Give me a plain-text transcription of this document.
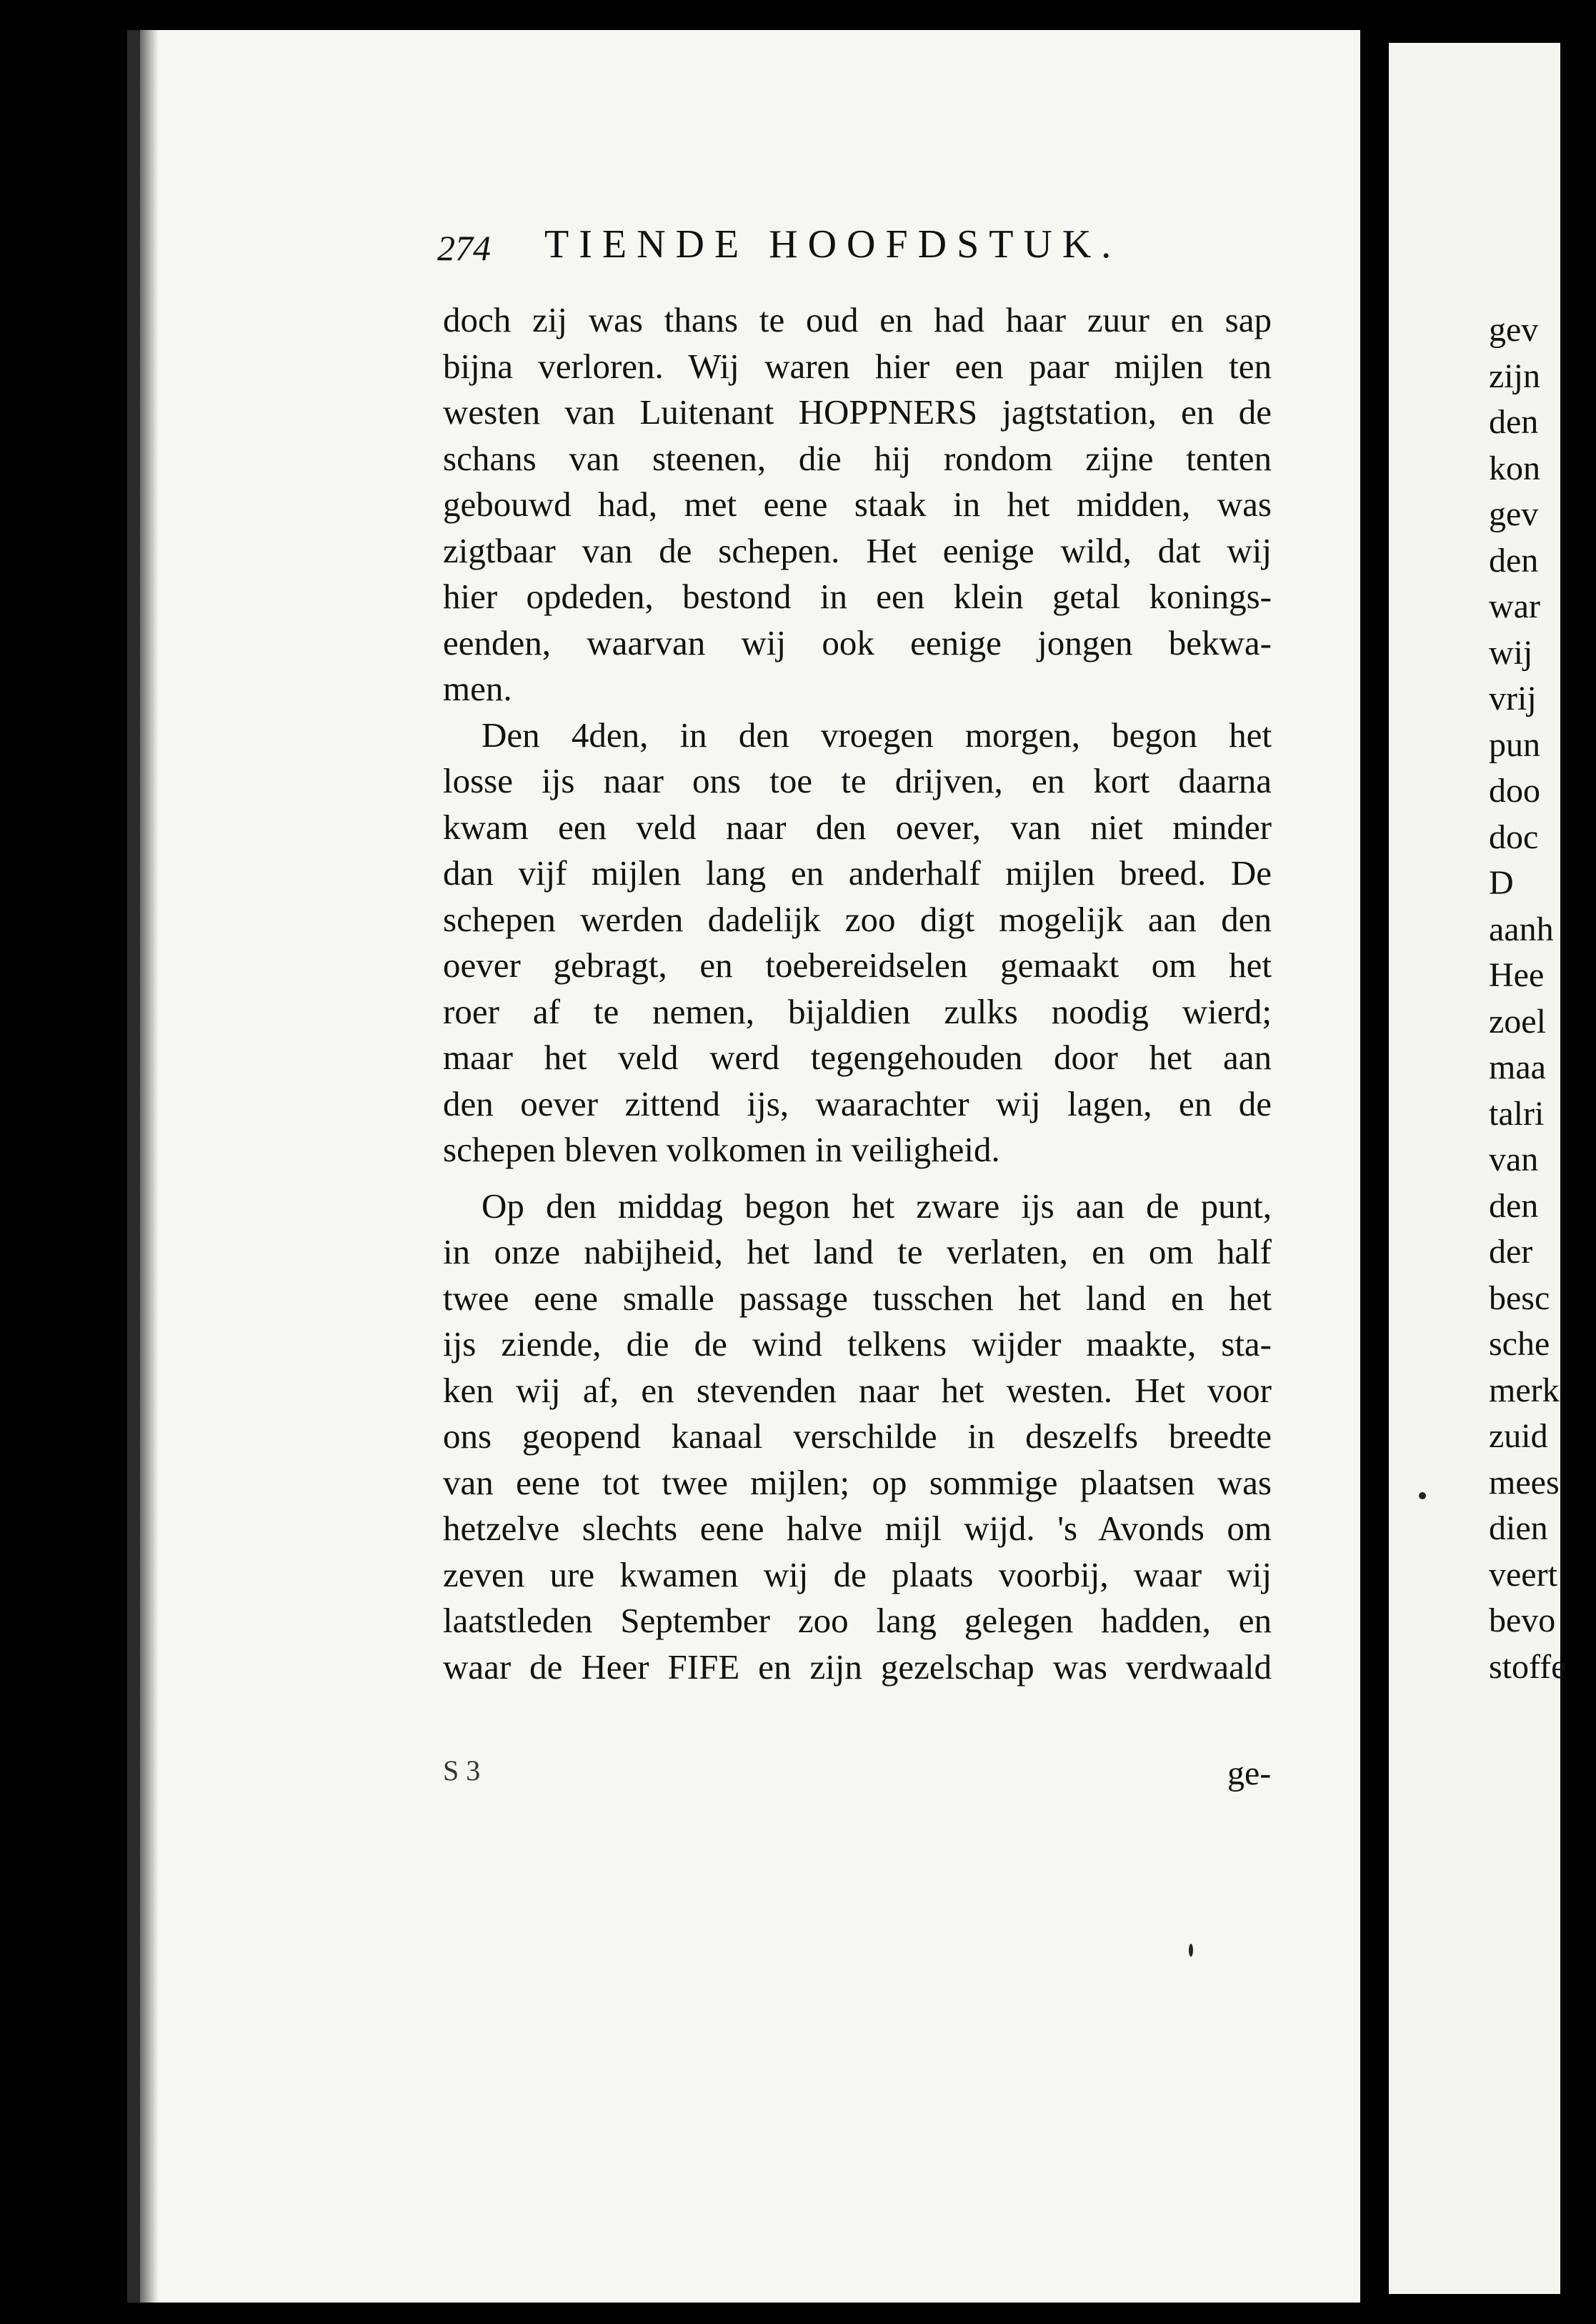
274 TIENDE HOOFDSTUK.
doch zij was thans te oud en had haar zuur en sap
bijna verloren. Wij waren hier een paar mijlen ten
westen van Luitenant HOPPNERS jagtstation, en de
schans van steenen, die hij rondom zijne tenten
gebouwd had, met eene staak in het midden, was
zigtbaar van de schepen. Het eenige wild, dat wij
hier opdeden, bestond in een klein getal konings-
eenden, waarvan wij ook eenige jongen bekwa-
men.
Den 4den, in den vroegen morgen, begon het
losse ijs naar ons toe te drijven, en kort daarna
kwam een veld naar den oever, van niet minder
dan vijf mijlen lang en anderhalf mijlen breed. De
schepen werden dadelijk zoo digt mogelijk aan den
oever gebragt, en toebereidselen gemaakt om het
roer af te nemen, bijaldien zulks noodig wierd;
maar het veld werd tegengehouden door het aan
den oever zittend ijs, waarachter wij lagen, en de
schepen bleven volkomen in veiligheid.
Op den middag begon het zware ijs aan de punt,
in onze nabijheid, het land te verlaten, en om half
twee eene smalle passage tusschen het land en het
ijs ziende, die de wind telkens wijder maakte, sta-
ken wij af, en stevenden naar het westen. Het voor
ons geopend kanaal verschilde in deszelfs breedte
van eene tot twee mijlen; op sommige plaatsen was
hetzelve slechts eene halve mijl wijd. 's Avonds om
zeven ure kwamen wij de plaats voorbij, waar wij
laatstleden September zoo lang gelegen hadden, en
waar de Heer FIFE en zijn gezelschap was verdwaald
S 3	ge-
gev
zijn
den
kon
gev
den
war
wij
vrij
pun
doo
doc
D
aanh
Hee
zoel
maa
talri
van
den
der
besc
sche
merk
zuid
mees
dien
veert
bevo
stoffe
